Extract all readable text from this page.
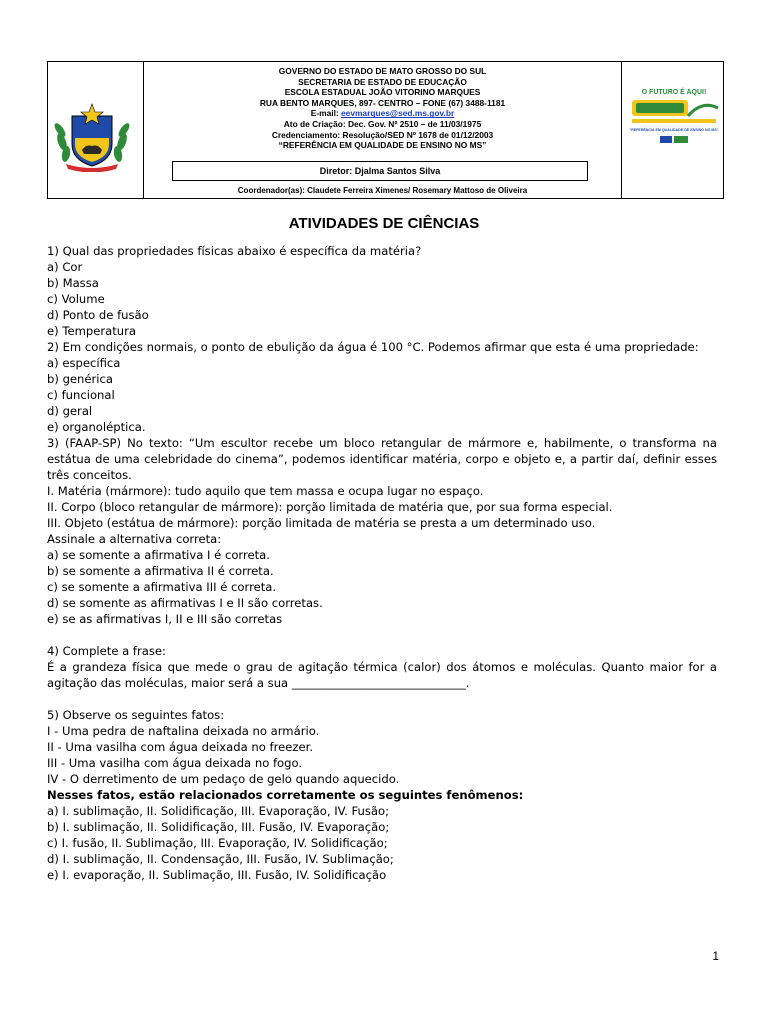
GOVERNO DO ESTADO DE MATO GROSSO DO SUL
SECRETARIA DE ESTADO DE EDUCAÇÃO
ESCOLA ESTADUAL JOÃO VITORINO MARQUES
RUA BENTO MARQUES, 897- CENTRO – FONE (67) 3488-1181
E-mail: eevmarques@sed.ms.gov.br
Ato de Criação: Dec. Gov. Nº 2510 – de 11/03/1975
Credenciamento: Resolução/SED Nº 1678 de 01/12/2003
“REFERÊNCIA EM QUALIDADE DE ENSINO NO MS”
Diretor: Djalma Santos Silva
Coordenador(as): Claudete Ferreira Ximenes/ Rosemary Mattoso de Oliveira
O FUTURO É AQUI!
"REFERÊNCIA EM QUALIDADE DE ENSINO NO MS"
ATIVIDADES DE CIÊNCIAS

1) Qual das propriedades físicas abaixo é específica da matéria?

a) Cor

b) Massa

c) Volume

d) Ponto de fusão

e) Temperatura

2) Em condições normais, o ponto de ebulição da água é 100 °C. Podemos afirmar que esta é uma propriedade:

a) específica

b) genérica

c) funcional

d) geral

e) organoléptica.

3) (FAAP-SP) No texto: “Um escultor recebe um bloco retangular de mármore e, habilmente, o transforma na estátua de uma celebridade do cinema”, podemos identificar matéria, corpo e objeto e, a partir daí, definir esses três conceitos.

I. Matéria (mármore): tudo aquilo que tem massa e ocupa lugar no espaço.

II. Corpo (bloco retangular de mármore): porção limitada de matéria que, por sua forma especial.

III. Objeto (estátua de mármore): porção limitada de matéria se presta a um determinado uso.

Assinale a alternativa correta:

a) se somente a afirmativa I é correta.

b) se somente a afirmativa II é correta.

c) se somente a afirmativa III é correta.

d) se somente as afirmativas I e II são corretas.

e) se as afirmativas I, II e III são corretas

4) Complete a frase:

É a grandeza física que mede o grau de agitação térmica (calor) dos átomos e moléculas. Quanto maior for a agitação das moléculas, maior será a sua ______________________________.

5) Observe os seguintes fatos:

I - Uma pedra de naftalina deixada no armário.

II - Uma vasilha com água deixada no freezer.

III - Uma vasilha com água deixada no fogo.

IV - O derretimento de um pedaço de gelo quando aquecido.

Nesses fatos, estão relacionados corretamente os seguintes fenômenos:

a) I. sublimação, II. Solidificação, III. Evaporação, IV. Fusão;

b) I. sublimação, II. Solidificação, III. Fusão, IV. Evaporação;

c) I. fusão, II. Sublimação, III. Evaporação, IV. Solidificação;

d) I. sublimação, II. Condensação, III. Fusão, IV. Sublimação;

e) I. evaporação, II. Sublimação, III. Fusão, IV. Solidificação

1
